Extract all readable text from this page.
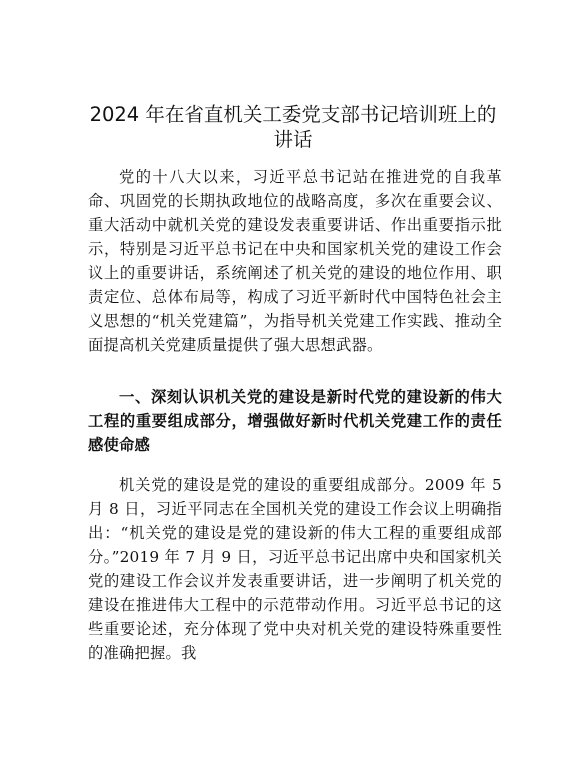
2024 年在省直机关工委党支部书记培训班上的
讲话
党的十八大以来，习近平总书记站在推进党的自我革命、巩固党的长期执政地位的战略高度，多次在重要会议、重大活动中就机关党的建设发表重要讲话、作出重要指示批示，特别是习近平总书记在中央和国家机关党的建设工作会议上的重要讲话，系统阐述了机关党的建设的地位作用、职责定位、总体布局等，构成了习近平新时代中国特色社会主义思想的“机关党建篇”，为指导机关党建工作实践、推动全面提高机关党建质量提供了强大思想武器。
一、深刻认识机关党的建设是新时代党的建设新的伟大工程的重要组成部分，增强做好新时代机关党建工作的责任感使命感
机关党的建设是党的建设的重要组成部分。2009 年 5 月 8 日，习近平同志在全国机关党的建设工作会议上明确指出：“机关党的建设是党的建设新的伟大工程的重要组成部分。”2019 年 7 月 9 日，习近平总书记出席中央和国家机关党的建设工作会议并发表重要讲话，进一步阐明了机关党的建设在推进伟大工程中的示范带动作用。习近平总书记的这些重要论述，充分体现了党中央对机关党的建设特殊重要性的准确把握。我
